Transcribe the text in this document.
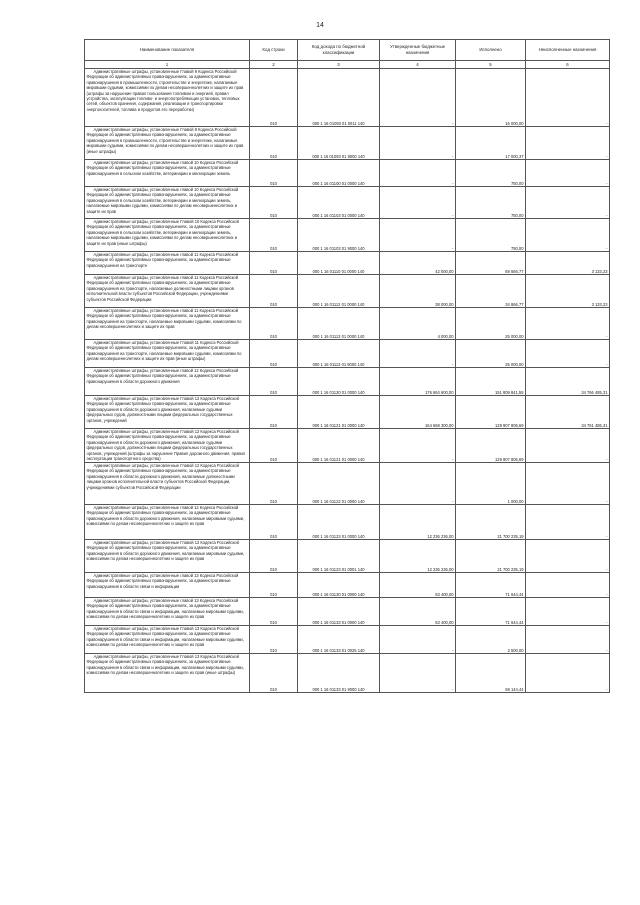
14
Наименование показателя	Код строки	Код дохода по бюджетной классификации	Утвержденные бюджетные назначения	Исполнено	Неисполненные назначения
1	2	3	4	5	6

Административные штрафы, установленные Главой 9 Кодекса Российской Федерации об административных правонарушениях, за административные правонарушения в промышленности, строительстве и энергетике, налагаемые мировыми судьями, комиссиями по делам несовершеннолетних и защите их прав (штрафы за нарушение правил пользования топливом и энергией, правил устройства, эксплуатации топливо- и энергопотребляющих установок, тепловых сетей, объектов хранения, содержания, реализации и транспортировки энергоносителей, топлива и продуктов его переработки)	010	000 1 16 01093 01 0011 140	-	16 000,00	-

Административные штрафы, установленные Главой 9 Кодекса Российской Федерации об административных правонарушениях, за административные правонарушения в промышленности, строительстве и энергетике, налагаемые мировыми судьями, комиссиями по делам несовершеннолетних и защите их прав (иные штрафы)	010	000 1 16 01093 01 9000 140	-	17 000,37	-

Административные штрафы, установленные главой 10 Кодекса Российской Федерации об административных правонарушениях, за административные правонарушения в сельском хозяйстве, ветеринарии и мелиорации земель	010	000 1 16 01100 01 0000 140	-	750,00	-

Административные штрафы, установленные главой 10 Кодекса Российской Федерации об административных правонарушениях, за административные правонарушения в сельском хозяйстве, ветеринарии и мелиорации земель, налагаемые мировыми судьями, комиссиями по делам несовершеннолетних и защите их прав	010	000 1 16 01103 01 0000 140	-	750,00	-

Административные штрафы, установленные Главой 10 Кодекса Российской Федерации об административных правонарушениях, за административные правонарушения в сельском хозяйстве, ветеринарии и мелиорации земель, налагаемые мировыми судьями, комиссиями по делам несовершеннолетних и защите их прав (иные штрафы)	010	000 1 16 01103 01 9000 140	-	750,00	-

Административные штрафы, установленные главой 11 Кодекса Российской Федерации об административных правонарушениях, за административные правонарушения на транспорте	010	000 1 16 01110 01 0000 140	42 000,00	69 566,77	3 133,23

Административные штрафы, установленные главой 11 Кодекса Российской Федерации об административных правонарушениях, за административные правонарушения на транспорте, налагаемые должностными лицами органов исполнительной власти субъектов Российской Федерации, учреждениями субъектов Российской Федерации	010	000 1 16 01112 01 0000 140	38 000,00	34 866,77	3 133,23

Административные штрафы, установленные главой 11 Кодекса Российской Федерации об административных правонарушениях, за административные правонарушения на транспорте, налагаемые мировыми судьями, комиссиями по делам несовершеннолетних и защите их прав	010	000 1 16 01113 01 0000 140	4 000,00	25 000,00	-

Административные штрафы, установленные Главой 11 Кодекса Российской Федерации об административных правонарушениях, за административные правонарушения на транспорте, налагаемые мировыми судьями, комиссиями по делам несовершеннолетних и защите их прав (иные штрафы)	010	000 1 16 01113 01 9000 140	-	25 000,00	-

Административные штрафы, установленные главой 12 Кодекса Российской Федерации об административных правонарушениях, за административные правонарушения в области дорожного движения	010	000 1 16 01120 01 0000 140	176 664 600,00	151 809 841,55	34 766 485,31

Административные штрафы, установленные Главой 12 Кодекса Российской Федерации об административных правонарушениях, за административные правонарушения в области дорожного движения, налагаемые судьями федеральных судов, должностными лицами федеральных государственных органов, учреждений	010	000 1 16 01121 01 0000 140	164 668 300,00	129 907 805,69	34 761 485,31

Административные штрафы, установленные Главой 12 Кодекса Российской Федерации об административных правонарушениях, за административные правонарушения в области дорожного движения, налагаемые судьями федеральных судов, должностными лицами федеральных государственных органов, учреждений (штрафы за нарушение Правил дорожного движения, правил эксплуатации транспортного средства)	010	000 1 16 01121 01 0000 140	-	129 907 805,69	-

Административные штрафы, установленные Главой 12 Кодекса Российской Федерации об административных правонарушениях, за административные правонарушения в области дорожного движения, налагаемые должностными лицами органов исполнительной власти субъектов Российской Федерации, учреждениями субъектов Российской Федерации	010	000 1 16 01122 01 0000 140	-	1 000,00	-

Административные штрафы, установленные главой 12 Кодекса Российской Федерации об административных правонарушениях, за административные правонарушения в области дорожного движения, налагаемые мировыми судьями, комиссиями по делам несовершеннолетних и защите их прав	010	000 1 16 01123 01 0000 140	12 236 236,00	21 700 235,19	-

Административные штрафы, установленные Главой 12 Кодекса Российской Федерации об административных правонарушениях, за административные правонарушения в области дорожного движения, налагаемые мировыми судьями, комиссиями по делам несовершеннолетних и защите их прав	010	000 1 16 01123 01 0001 140	12 236 236,00	21 700 235,19	-

Административные штрафы, установленные главой 13 Кодекса Российской Федерации об административных правонарушениях, за административные правонарушения в области связи и информации	010	000 1 16 01130 01 0000 140	53 400,00	71 644,44	-

Административные штрафы, установленные главой 13 Кодекса Российской Федерации об административных правонарушениях, за административные правонарушения в области связи и информации, налагаемые мировыми судьями, комиссиями по делам несовершеннолетних и защите их прав	010	000 1 16 01133 01 0000 140	53 400,00	71 644,44	-

Административные штрафы, установленные Главой 13 Кодекса Российской Федерации об административных правонарушениях, за административные правонарушения в области связи и информации, налагаемые мировыми судьями, комиссиями по делам несовершеннолетних и защите их прав	010	000 1 16 01133 01 0025 140	-	2 500,00	-

Административные штрафы, установленные Главой 13 Кодекса Российской Федерации об административных правонарушениях, за административные правонарушения в области связи и информации, налагаемые мировыми судьями, комиссиями по делам несовершеннолетних и защите их прав (иные штрафы)	010	000 1 16 01133 01 9000 140	-	69 144,44	-
